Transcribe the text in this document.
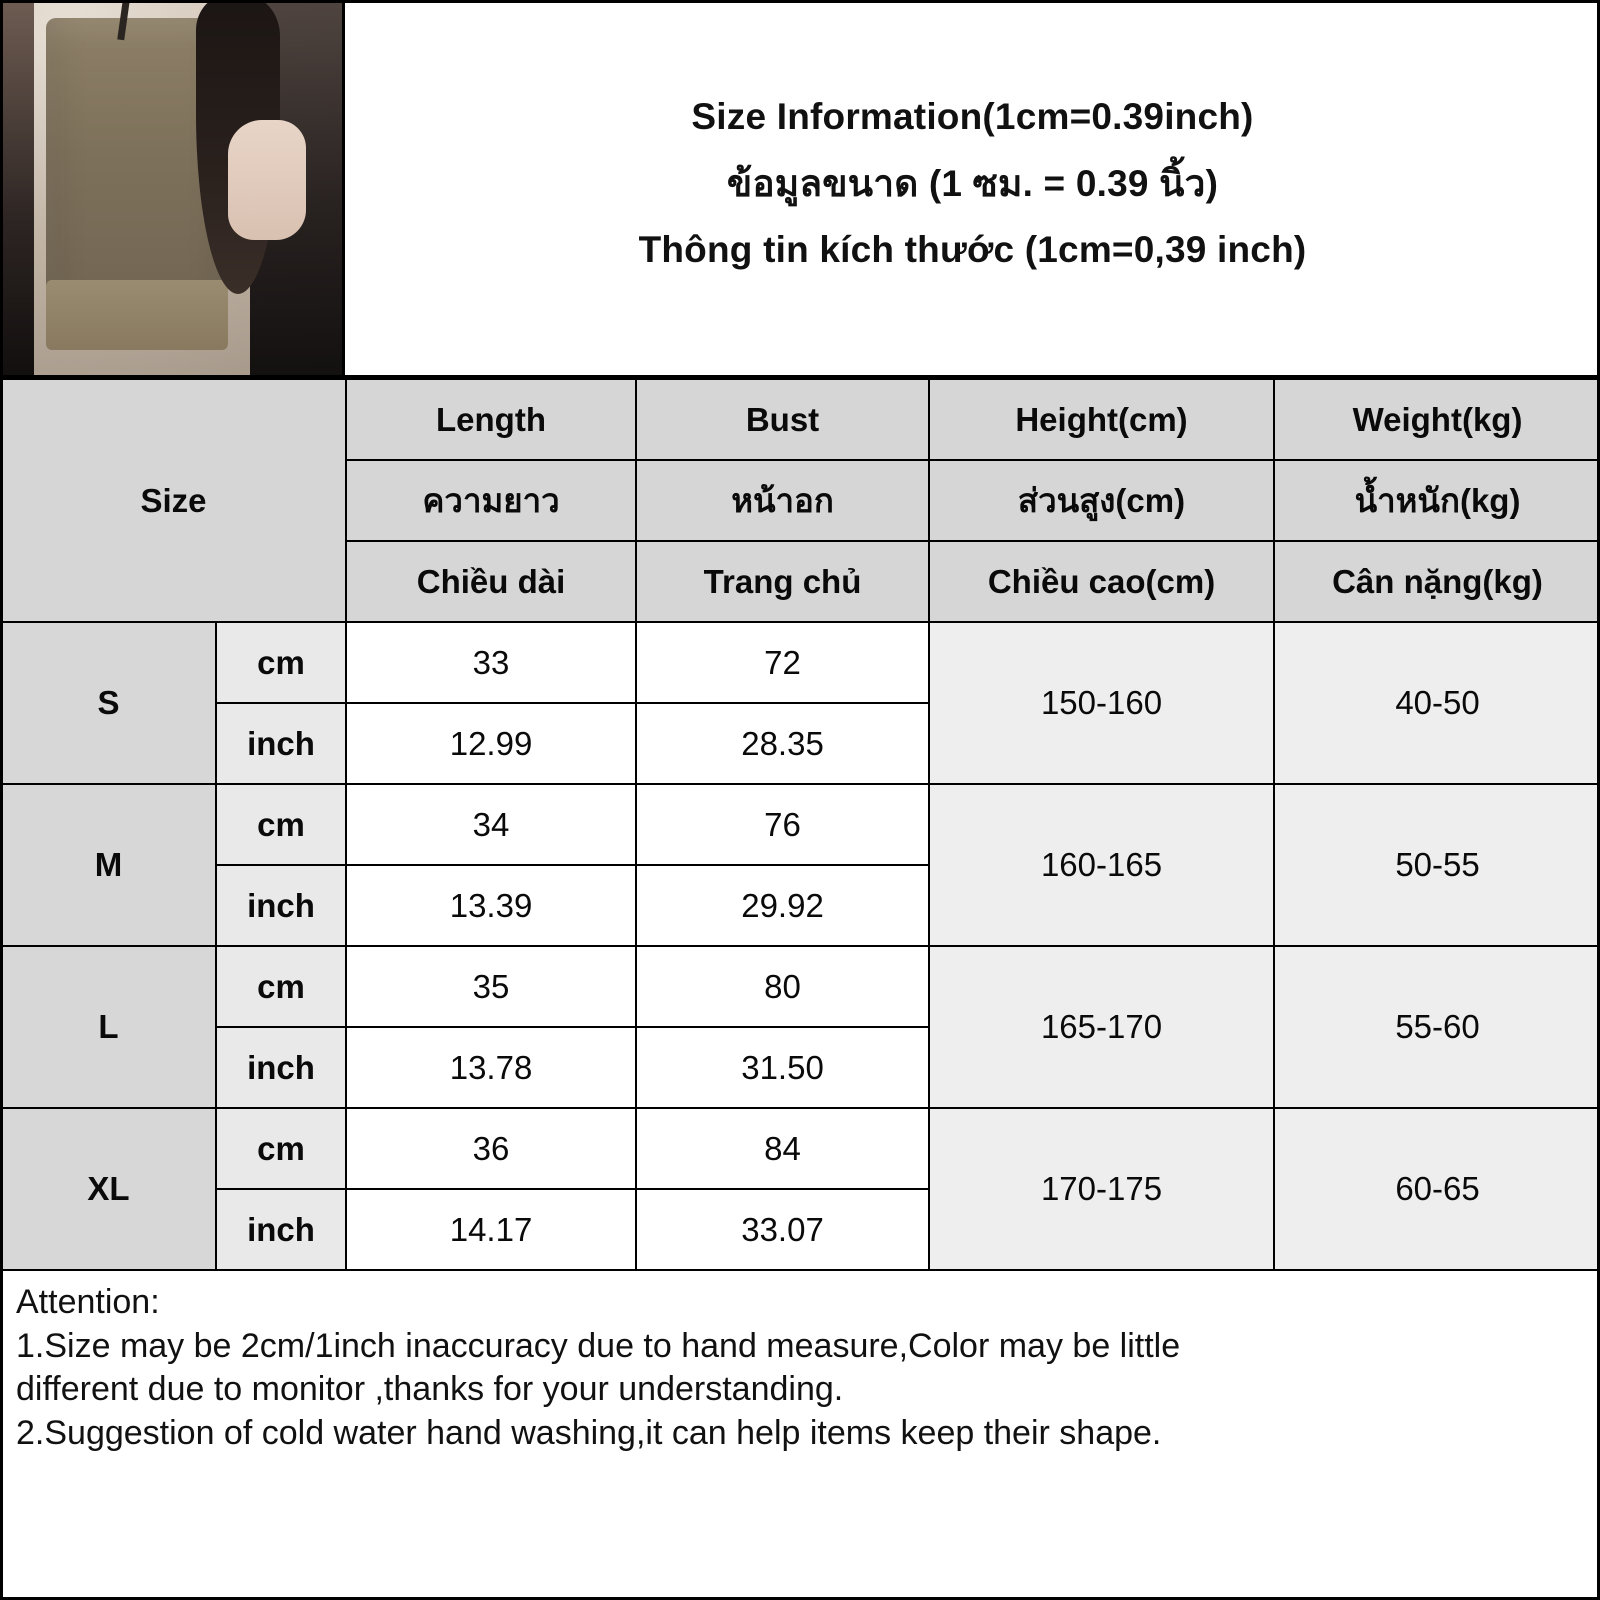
Size Information(1cm=0.39inch)
ข้อมูลขนาด (1 ซม. = 0.39 นิ้ว)
Thông tin kích thước (1cm=0,39 inch)
Size		Length	Bust	Height(cm)	Weight(kg)
		ความยาว	หน้าอก	ส่วนสูง(cm)	น้ำหนัก(kg)
		Chiều dài	Trang chủ	Chiều cao(cm)	Cân nặng(kg)
S	cm	33	72	150-160	40-50
	inch	12.99	28.35		
M	cm	34	76	160-165	50-55
	inch	13.39	29.92		
L	cm	35	80	165-170	55-60
	inch	13.78	31.50		
XL	cm	36	84	170-175	60-65
	inch	14.17	33.07		
Attention:

1.Size may be 2cm/1inch inaccuracy due to hand measure,Color may be little

different due to monitor ,thanks for your understanding.

2.Suggestion of cold water hand washing,it can help items keep their shape.
